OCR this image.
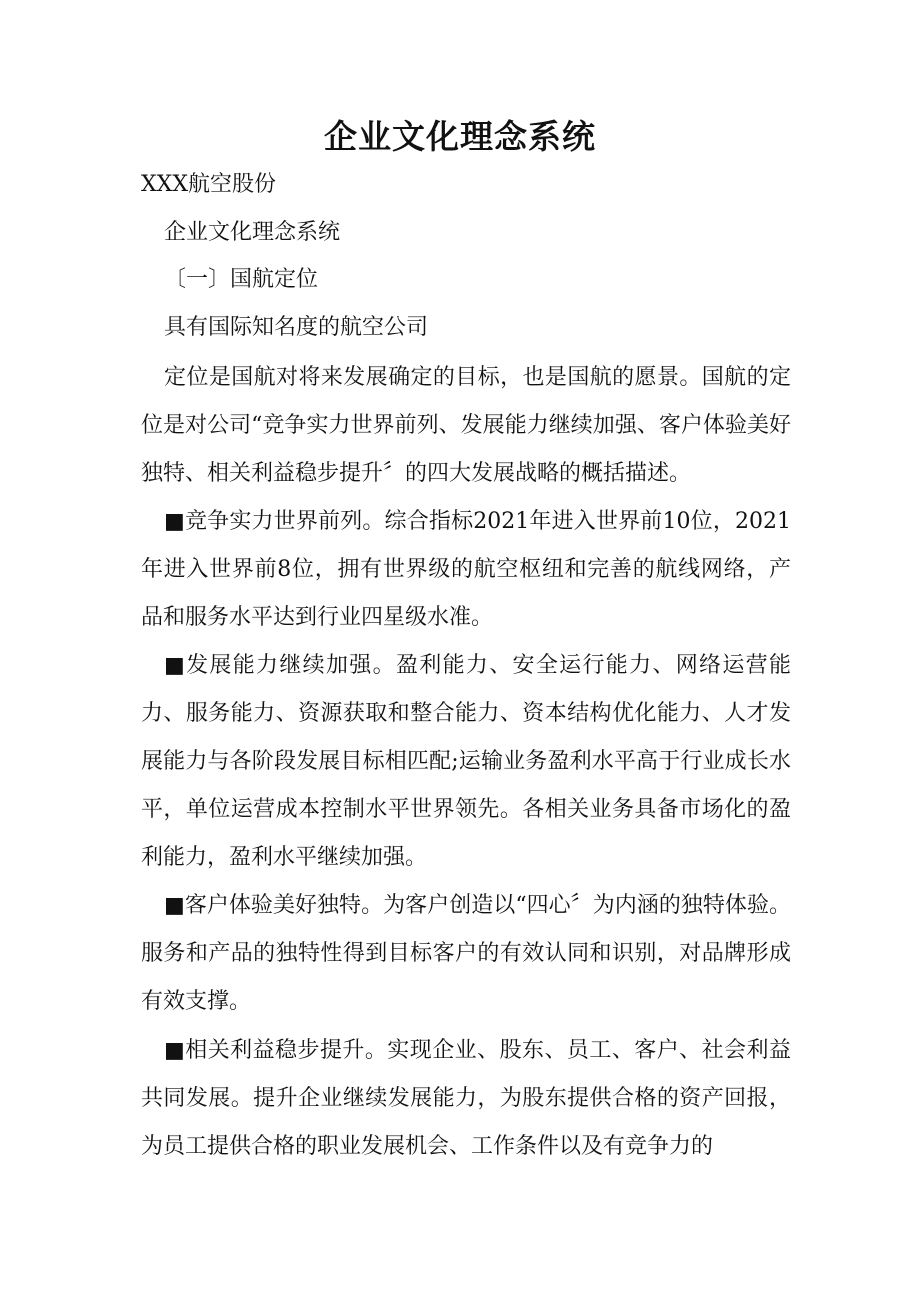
企业文化理念系统

XXX航空股份

企业文化理念系统

〔一〕国航定位

具有国际知名度的航空公司

定位是国航对将来发展确定的目标，也是国航的愿景。国航的定位是对公司“竞争实力世界前列、发展能力继续加强、客户体验美好独特、相关利益稳步提升〞的四大发展战略的概括描述。

■竞争实力世界前列。综合指标2021年进入世界前10位，2021年进入世界前8位，拥有世界级的航空枢纽和完善的航线网络，产品和服务水平达到行业四星级水准。

■发展能力继续加强。盈利能力、安全运行能力、网络运营能力、服务能力、资源获取和整合能力、资本结构优化能力、人才发展能力与各阶段发展目标相匹配;运输业务盈利水平高于行业成长水平，单位运营成本控制水平世界领先。各相关业务具备市场化的盈利能力，盈利水平继续加强。

■客户体验美好独特。为客户创造以“四心〞为内涵的独特体验。服务和产品的独特性得到目标客户的有效认同和识别，对品牌形成有效支撑。

■相关利益稳步提升。实现企业、股东、员工、客户、社会利益共同发展。提升企业继续发展能力，为股东提供合格的资产回报，为员工提供合格的职业发展机会、工作条件以及有竞争力的
